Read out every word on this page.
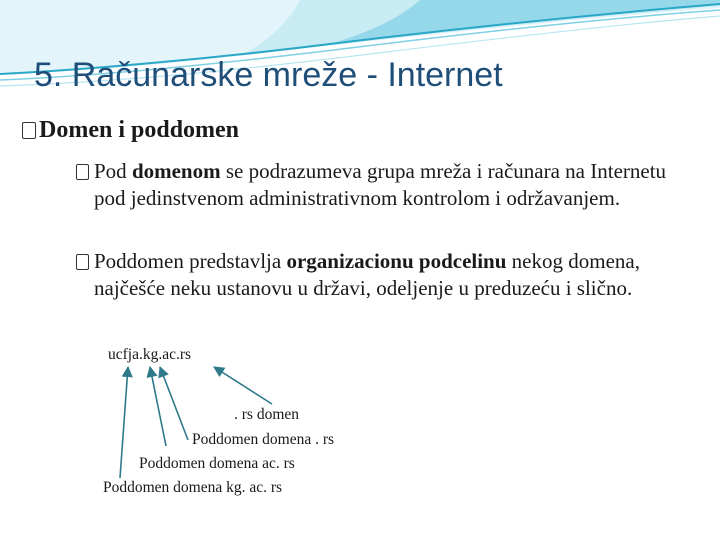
5. Računarske mreže - Internet
Domen i poddomen
Pod domenom se podrazumeva grupa mreža i računara na Internetu pod jedinstvenom administrativnom kontrolom i održavanjem.
Poddomen predstavlja organizacionu podcelinu nekog domena, najčešće neku ustanovu u državi, odeljenje u preduzeću i slično.
ucfja.kg.ac.rs
. rs domen
Poddomen domena . rs
Poddomen domena ac. rs
Poddomen domena kg. ac. rs
